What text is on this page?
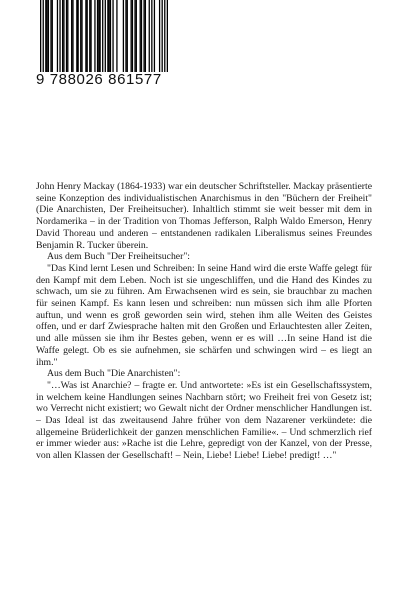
9 788026 861577

John Henry Mackay (1864-1933) war ein deutscher Schriftsteller. Mackay präsentierte seine Konzeption des individualistischen Anarchismus in den "Büchern der Freiheit" (Die Anarchisten, Der Freiheitsucher). Inhaltlich stimmt sie weit besser mit dem in Nordamerika – in der Tradition von Thomas Jefferson, Ralph Waldo Emerson, Henry David Thoreau und anderen – entstandenen radikalen Liberalismus seines Freundes Benjamin R. Tucker überein.

Aus dem Buch "Der Freiheitsucher":

"Das Kind lernt Lesen und Schreiben: In seine Hand wird die erste Waffe gelegt für den Kampf mit dem Leben. Noch ist sie ungeschliffen, und die Hand des Kindes zu schwach, um sie zu führen. Am Erwachsenen wird es sein, sie brauchbar zu machen für seinen Kampf. Es kann lesen und schreiben: nun müssen sich ihm alle Pforten auftun, und wenn es groß geworden sein wird, stehen ihm alle Weiten des Geistes offen, und er darf Zwiesprache halten mit den Großen und Erlauchtesten aller Zeiten, und alle müssen sie ihm ihr Bestes geben, wenn er es will …In seine Hand ist die Waffe gelegt. Ob es sie aufnehmen, sie schärfen und schwingen wird – es liegt an ihm."

Aus dem Buch "Die Anarchisten":

"…Was ist Anarchie? – fragte er. Und antwortete: »Es ist ein Gesellschaftssystem, in welchem keine Handlungen seines Nachbarn stört; wo Freiheit frei von Gesetz ist; wo Verrecht nicht existiert; wo Gewalt nicht der Ordner menschlicher Handlungen ist. – Das Ideal ist das zweitausend Jahre früher von dem Nazarener verkündete: die allgemeine Brüderlichkeit der ganzen menschlichen Familie«. – Und schmerzlich rief er immer wieder aus: »Rache ist die Lehre, gepredigt von der Kanzel, von der Presse, von allen Klassen der Gesellschaft! – Nein, Liebe! Liebe! Liebe! predigt! …"
